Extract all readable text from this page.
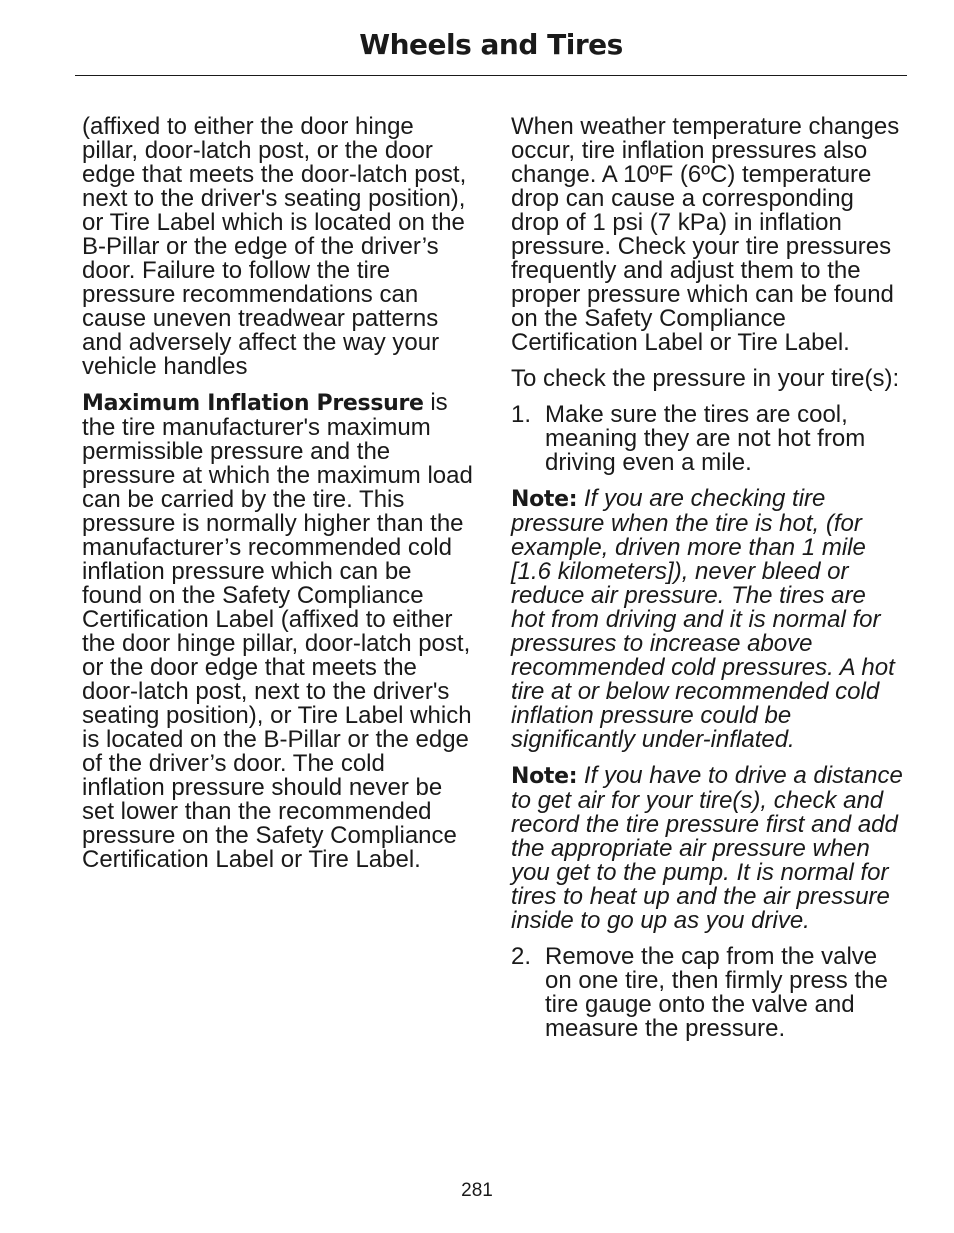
Wheels and Tires

(affixed to either the door hinge pillar, door-latch post, or the door edge that meets the door-latch post, next to the driver's seating position), or Tire Label which is located on the B-Pillar or the edge of the driver’s door. Failure to follow the tire pressure recommendations can cause uneven treadwear patterns and adversely affect the way your vehicle handles

Maximum Inflation Pressure is the tire manufacturer's maximum permissible pressure and the pressure at which the maximum load can be carried by the tire. This pressure is normally higher than the manufacturer’s recommended cold inflation pressure which can be found on the Safety Compliance Certification Label (affixed to either the door hinge pillar, door-latch post, or the door edge that meets the door-latch post, next to the driver's seating position), or Tire Label which is located on the B-Pillar or the edge of the driver’s door. The cold inflation pressure should never be set lower than the recommended pressure on the Safety Compliance Certification Label or Tire Label.

When weather temperature changes occur, tire inflation pressures also change. A 10ºF (6ºC) temperature drop can cause a corresponding drop of 1 psi (7 kPa) in inflation pressure. Check your tire pressures frequently and adjust them to the proper pressure which can be found on the Safety Compliance Certification Label or Tire Label.

To check the pressure in your tire(s):

1. Make sure the tires are cool, meaning they are not hot from driving even a mile.

Note: If you are checking tire pressure when the tire is hot, (for example, driven more than 1 mile [1.6 kilometers]), never bleed or reduce air pressure. The tires are hot from driving and it is normal for pressures to increase above recommended cold pressures. A hot tire at or below recommended cold inflation pressure could be significantly under-inflated.

Note: If you have to drive a distance to get air for your tire(s), check and record the tire pressure first and add the appropriate air pressure when you get to the pump. It is normal for tires to heat up and the air pressure inside to go up as you drive.

2. Remove the cap from the valve on one tire, then firmly press the tire gauge onto the valve and measure the pressure.
281
